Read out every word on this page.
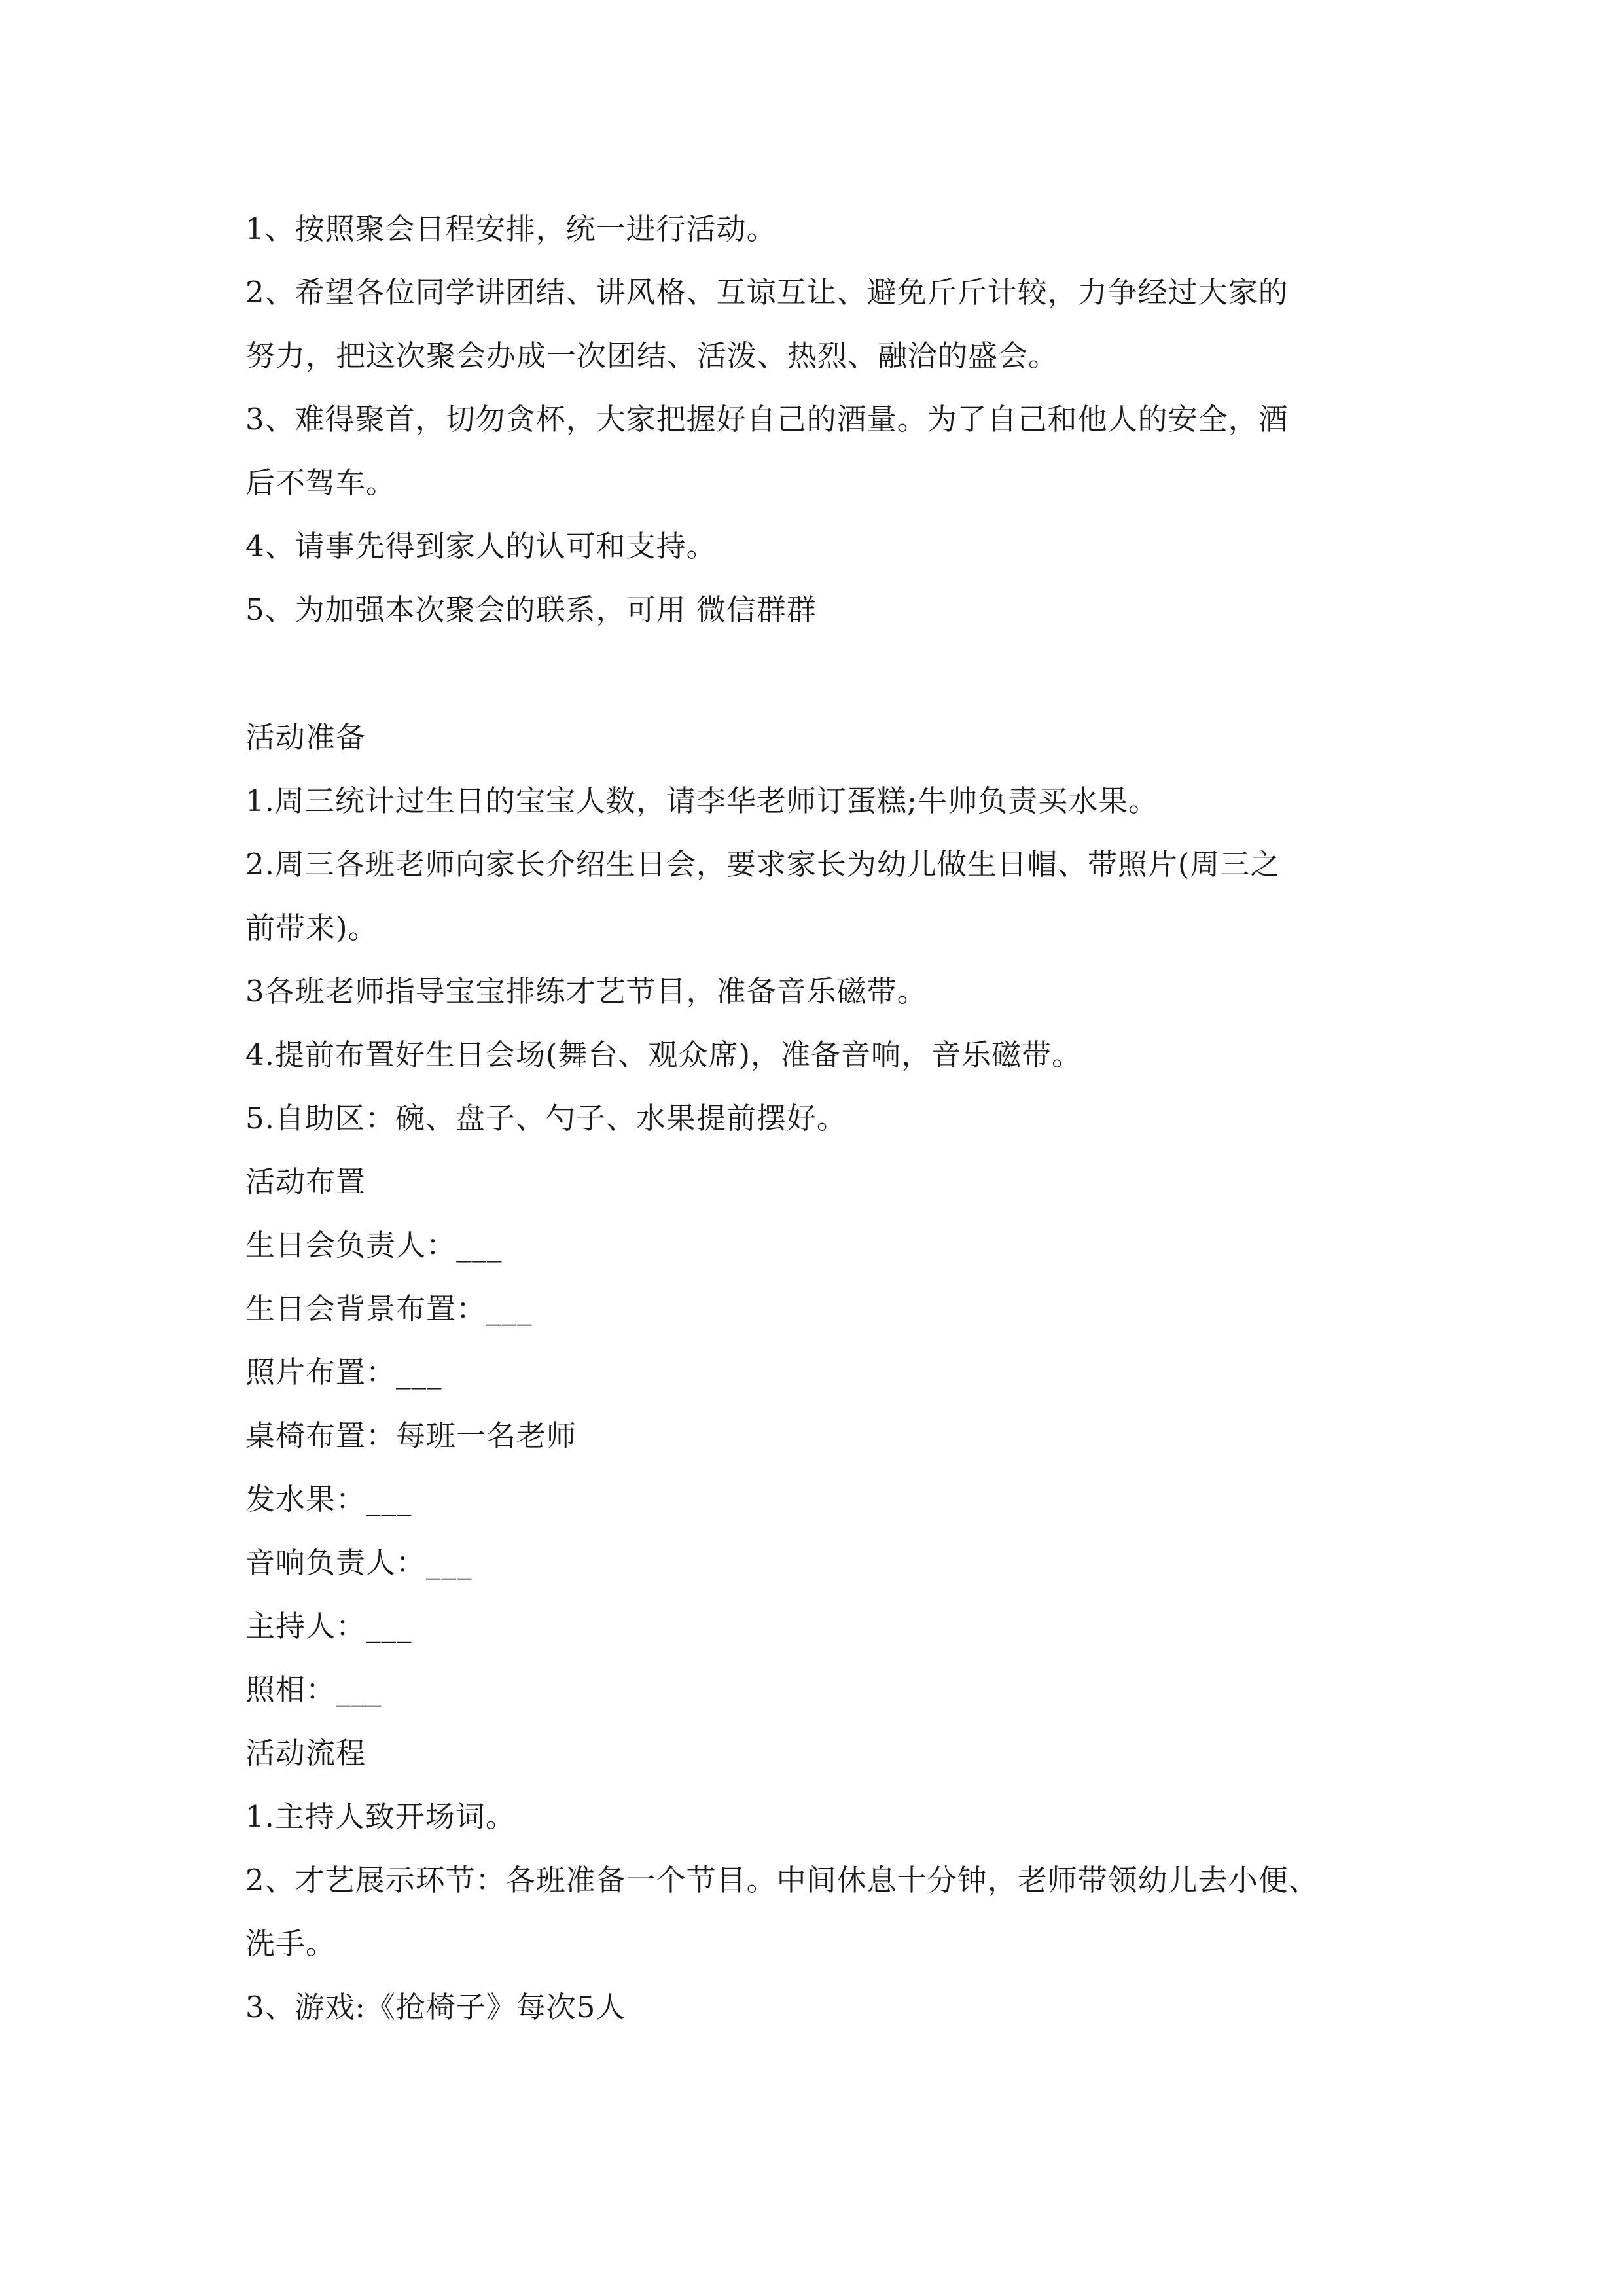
1、按照聚会日程安排，统一进行活动。
2、希望各位同学讲团结、讲风格、互谅互让、避免斤斤计较，力争经过大家的
努力，把这次聚会办成一次团结、活泼、热烈、融洽的盛会。
3、难得聚首，切勿贪杯，大家把握好自己的酒量。为了自己和他人的安全，酒
后不驾车。
4、请事先得到家人的认可和支持。
5、为加强本次聚会的联系，可用 微信群群
活动准备
1.周三统计过生日的宝宝人数，请李华老师订蛋糕;牛帅负责买水果。
2.周三各班老师向家长介绍生日会，要求家长为幼儿做生日帽、带照片(周三之
前带来)。
3各班老师指导宝宝排练才艺节目，准备音乐磁带。
4.提前布置好生日会场(舞台、观众席)，准备音响，音乐磁带。
5.自助区：碗、盘子、勺子、水果提前摆好。
活动布置
生日会负责人：___
生日会背景布置：___
照片布置：___
桌椅布置：每班一名老师
发水果：___
音响负责人：___
主持人：___
照相：___
活动流程
1.主持人致开场词。
2、才艺展示环节：各班准备一个节目。中间休息十分钟，老师带领幼儿去小便、
洗手。
3、游戏:《抢椅子》每次5人
